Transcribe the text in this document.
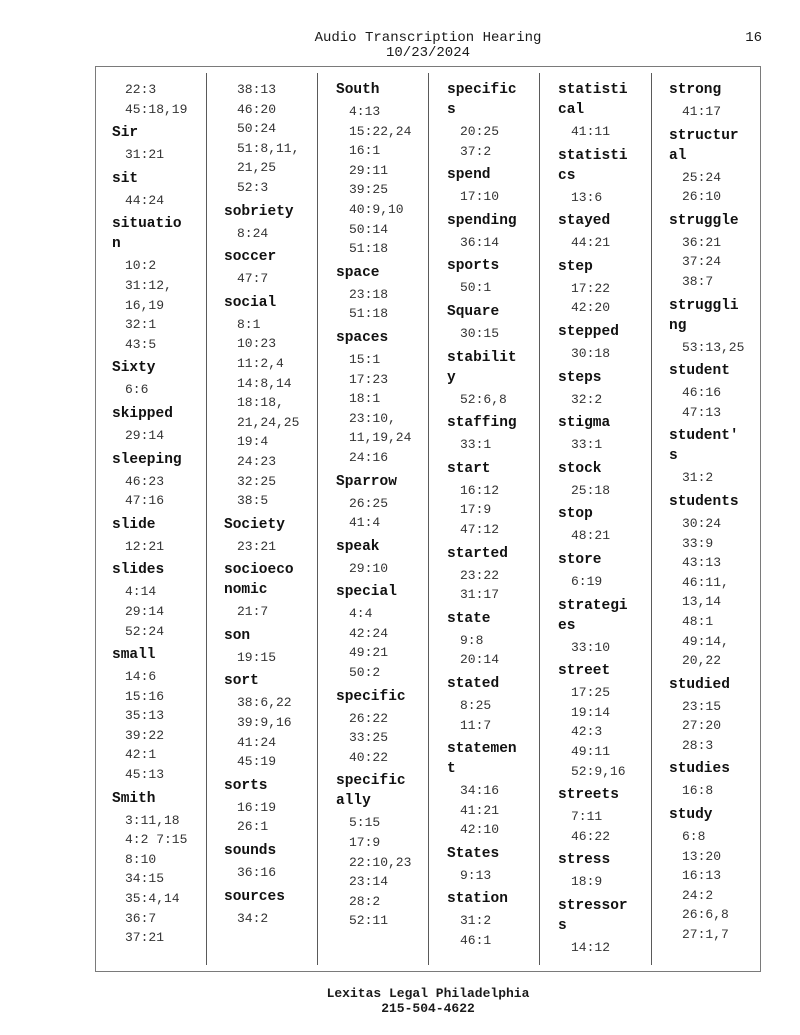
Audio Transcription Hearing
10/23/2024
16
22:3
45:18,19
Sir
31:21
sit
44:24
situatio
n
10:2
31:12,
16,19
32:1
43:5
Sixty
6:6
skipped
29:14
sleeping
46:23
47:16
slide
12:21
slides
4:14
29:14
52:24
small
14:6
15:16
35:13
39:22
42:1
45:13
Smith
3:11,18
4:2 7:15
8:10
34:15
35:4,14
36:7
37:21
38:13
46:20
50:24
51:8,11,
21,25
52:3
sobriety
8:24
soccer
47:7
social
8:1
10:23
11:2,4
14:8,14
18:18,
21,24,25
19:4
24:23
32:25
38:5
Society
23:21
socioeco
nomic
21:7
son
19:15
sort
38:6,22
39:9,16
41:24
45:19
sorts
16:19
26:1
sounds
36:16
sources
34:2
South
4:13
15:22,24
16:1
29:11
39:25
40:9,10
50:14
51:18
space
23:18
51:18
spaces
15:1
17:23
18:1
23:10,
11,19,24
24:16
Sparrow
26:25
41:4
speak
29:10
special
4:4
42:24
49:21
50:2
specific
26:22
33:25
40:22
specific
ally
5:15
17:9
22:10,23
23:14
28:2
52:11
specific
s
20:25
37:2
spend
17:10
spending
36:14
sports
50:1
Square
30:15
stabilit
y
52:6,8
staffing
33:1
start
16:12
17:9
47:12
started
23:22
31:17
state
9:8
20:14
stated
8:25
11:7
statemen
t
34:16
41:21
42:10
States
9:13
station
31:2
46:1
statisti
cal
41:11
statisti
cs
13:6
stayed
44:21
step
17:22
42:20
stepped
30:18
steps
32:2
stigma
33:1
stock
25:18
stop
48:21
store
6:19
strategi
es
33:10
street
17:25
19:14
42:3
49:11
52:9,16
streets
7:11
46:22
stress
18:9
stressor
s
14:12
strong
41:17
structur
al
25:24
26:10
struggle
36:21
37:24
38:7
struggli
ng
53:13,25
student
46:16
47:13
student'
s
31:2
students
30:24
33:9
43:13
46:11,
13,14
48:1
49:14,
20,22
studied
23:15
27:20
28:3
studies
16:8
study
6:8
13:20
16:13
24:2
26:6,8
27:1,7
Lexitas Legal Philadelphia
215-504-4622
